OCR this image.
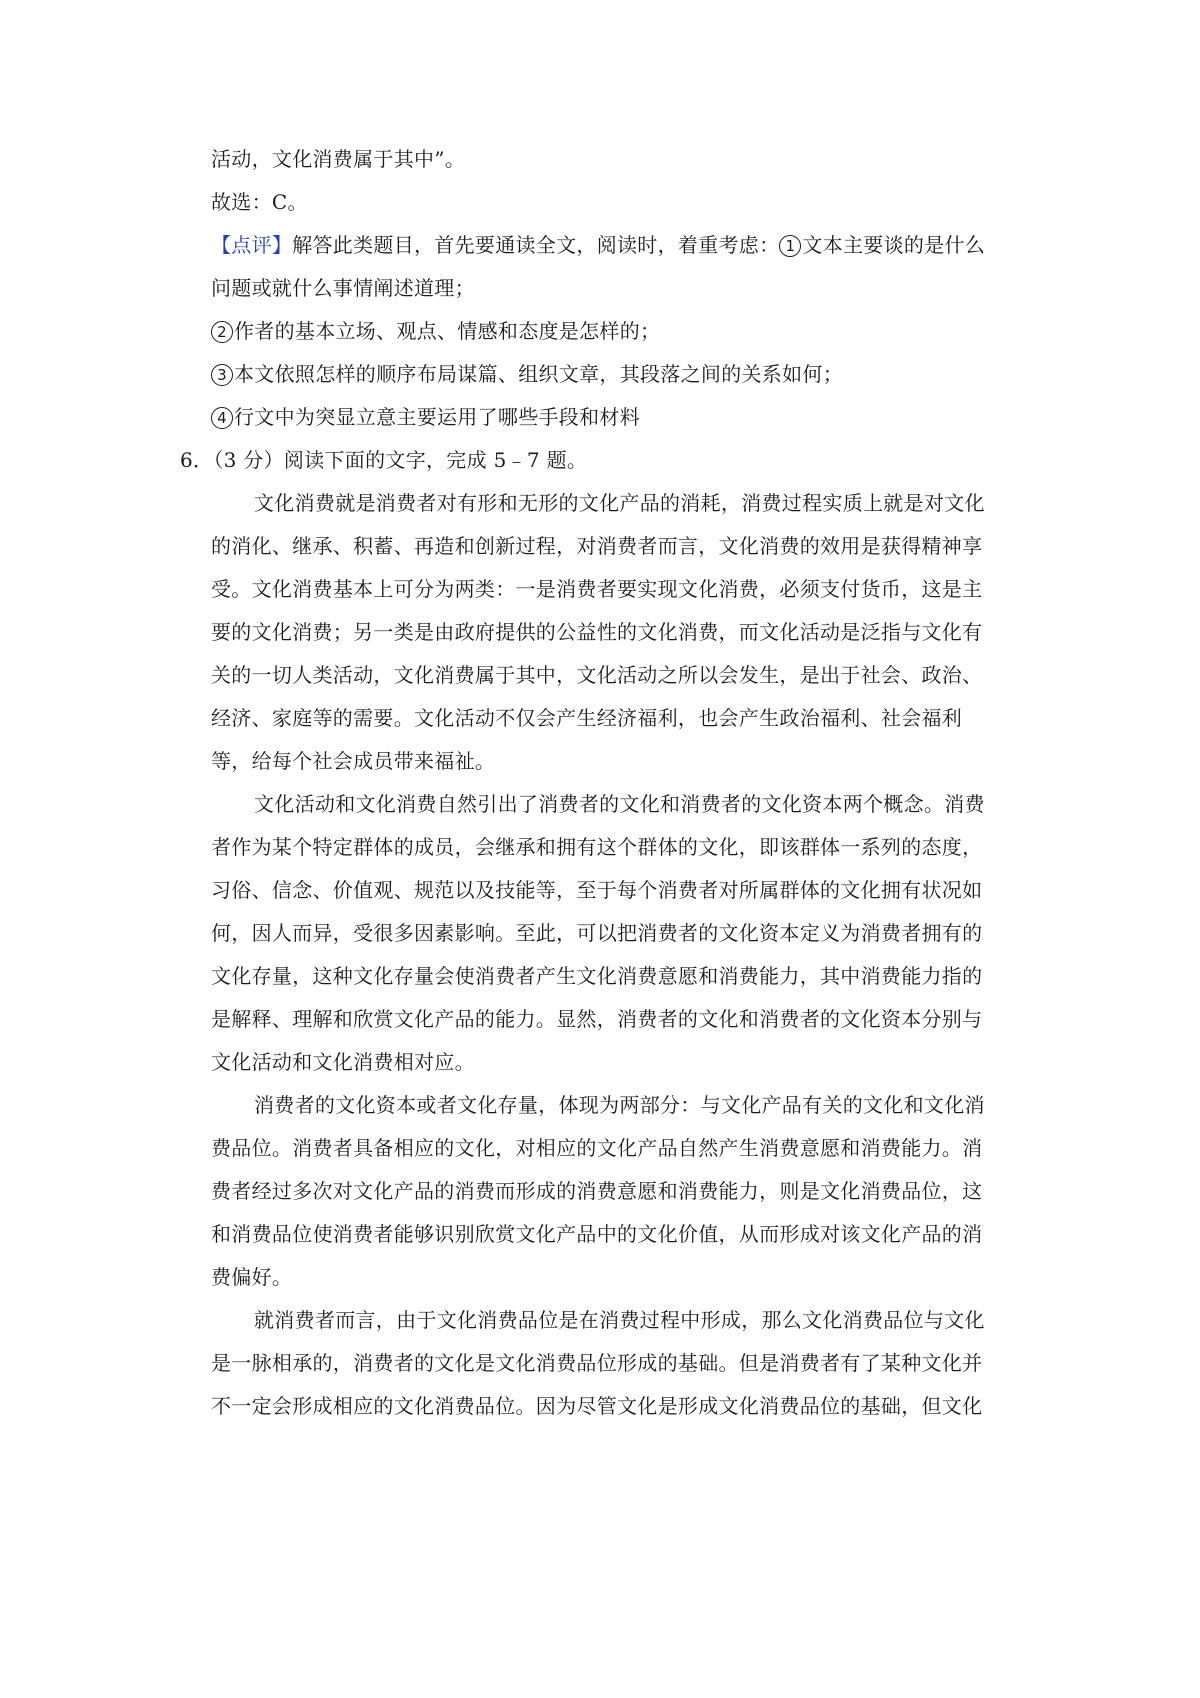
活动，文化消费属于其中”。
故选：C。
【点评】解答此类题目，首先要通读全文，阅读时，着重考虑： 1 文本主要谈的是什么
问题或就什么事情阐述道理；
2 作者的基本立场、观点、情感和态度是怎样的；
3 本文依照怎样的顺序布局谋篇、组织文章，其段落之间的关系如何；
4 行文中为突显立意主要运用了哪些手段和材料
6．（3 分）阅读下面的文字，完成 5﹣7 题。
文化消费就是消费者对有形和无形的文化产品的消耗，消费过程实质上就是对文化
的消化、继承、积蓄、再造和创新过程，对消费者而言，文化消费的效用是获得精神享
受。文化消费基本上可分为两类：一是消费者要实现文化消费，必须支付货币，这是主
要的文化消费；另一类是由政府提供的公益性的文化消费，而文化活动是泛指与文化有
关的一切人类活动，文化消费属于其中，文化活动之所以会发生，是出于社会、政治、
经济、家庭等的需要。文化活动不仅会产生经济福利，也会产生政治福利、社会福利
等，给每个社会成员带来福祉。
文化活动和文化消费自然引出了消费者的文化和消费者的文化资本两个概念。消费
者作为某个特定群体的成员，会继承和拥有这个群体的文化，即该群体一系列的态度，
习俗、信念、价值观、规范以及技能等，至于每个消费者对所属群体的文化拥有状况如
何，因人而异，受很多因素影响。至此，可以把消费者的文化资本定义为消费者拥有的
文化存量，这种文化存量会使消费者产生文化消费意愿和消费能力，其中消费能力指的
是解释、理解和欣赏文化产品的能力。显然，消费者的文化和消费者的文化资本分别与
文化活动和文化消费相对应。
消费者的文化资本或者文化存量，体现为两部分：与文化产品有关的文化和文化消
费品位。消费者具备相应的文化，对相应的文化产品自然产生消费意愿和消费能力。消
费者经过多次对文化产品的消费而形成的消费意愿和消费能力，则是文化消费品位，这
和消费品位使消费者能够识别欣赏文化产品中的文化价值，从而形成对该文化产品的消
费偏好。
就消费者而言，由于文化消费品位是在消费过程中形成，那么文化消费品位与文化
是一脉相承的，消费者的文化是文化消费品位形成的基础。但是消费者有了某种文化并
不一定会形成相应的文化消费品位。因为尽管文化是形成文化消费品位的基础，但文化
